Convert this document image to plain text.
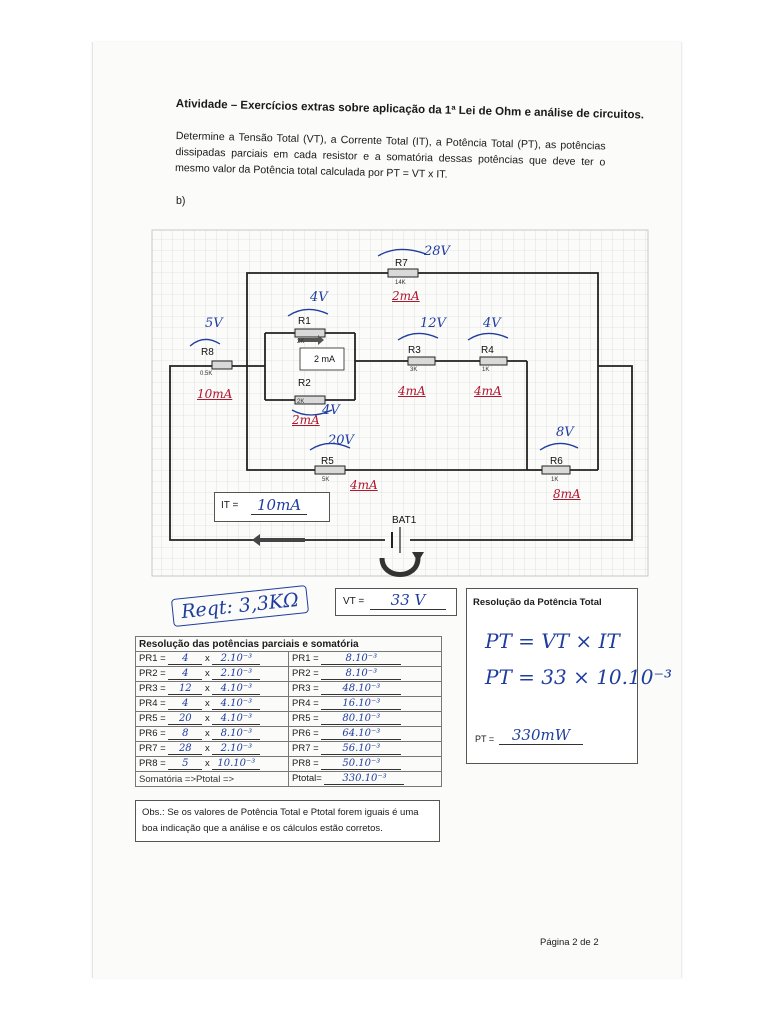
Atividade – Exercícios extras sobre aplicação da 1ª Lei de Ohm e análise de circuitos.
Determine a Tensão Total (VT), a Corrente Total (IT), a Potência Total (PT), as potências dissipadas parciais em cada resistor e a somatória dessas potências que deve ter o mesmo valor da Potência total calculada por PT = VT x IT.
b)
R8
0.5K
R1
2K
R2
2K
R3
3K
R4
1K
R7
14K
R5
5K
R6
1K
2 mA
BAT1
5V
4V
4V
12V	4V
28V
20V
8V
10mA
2mA
4mA	4mA
2mA
4mA
8mA
IT =	10mA
Reqt: 3,3KΩ	VT =	33 V
Resolução das potências parciais e somatória	
PR1 = 4 x 2.10⁻³	PR1 = 8.10⁻³
PR2 = 4 x 2.10⁻³	PR2 = 8.10⁻³
PR3 = 12 x 4.10⁻³	PR3 = 48.10⁻³
PR4 = 4 x 4.10⁻³	PR4 = 16.10⁻³
PR5 = 20 x 4.10⁻³	PR5 = 80.10⁻³
PR6 = 8 x 8.10⁻³	PR6 = 64.10⁻³
PR7 = 28 x 2.10⁻³	PR7 = 56.10⁻³
PR8 = 5 x 10.10⁻³	PR8 = 50.10⁻³
Somatória =>Ptotal =>	Ptotal= 330.10⁻³
Resolução da Potência Total
PT = VT × IT
PT = 33 × 10.10⁻³
PT =	330mW
Obs.: Se os valores de Potência Total e Ptotal forem iguais é uma boa indicação que a análise e os cálculos estão corretos.
Página 2 de 2
